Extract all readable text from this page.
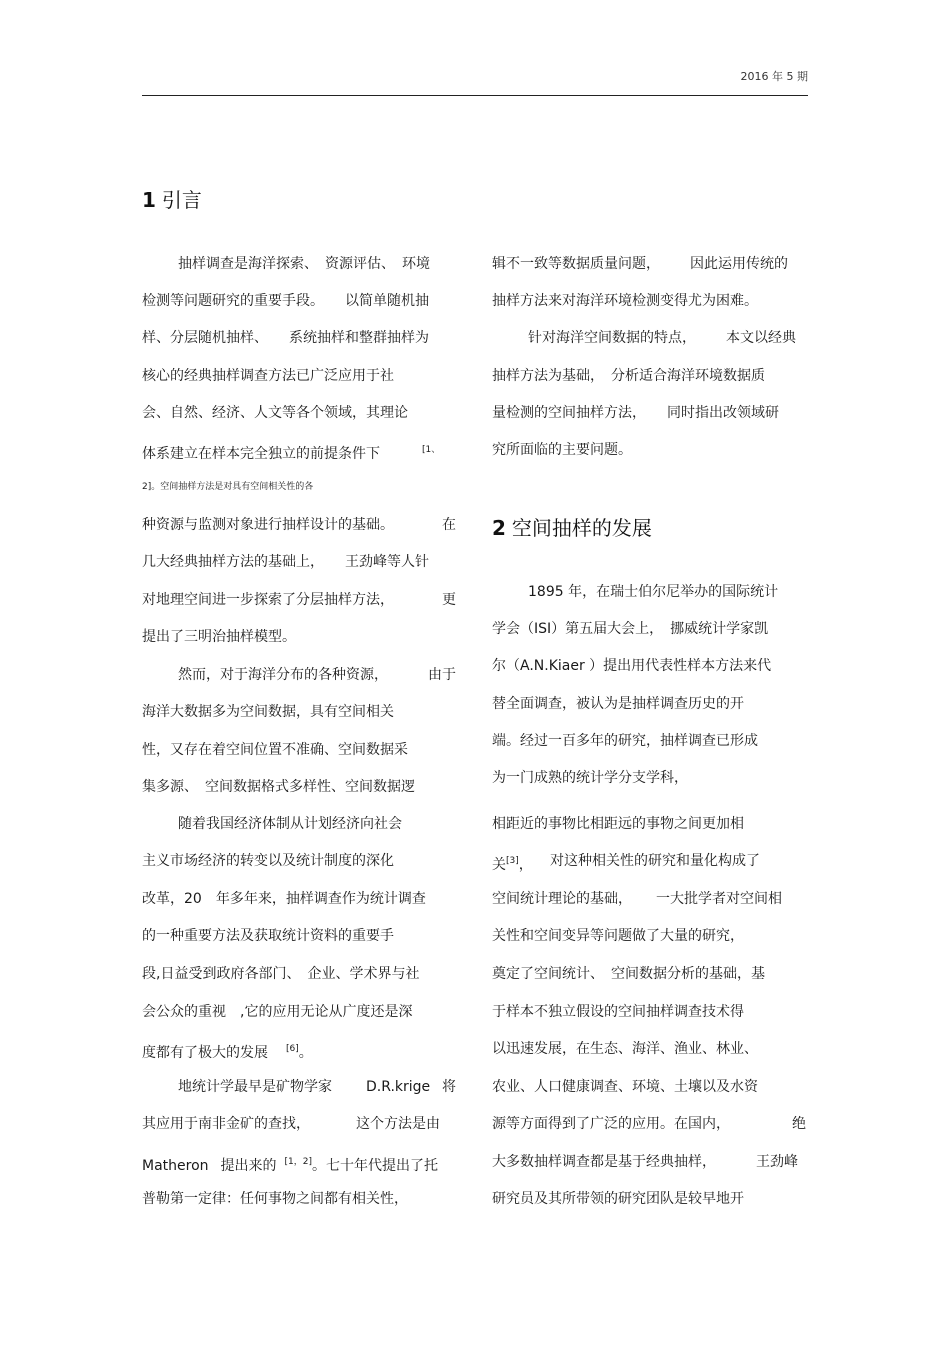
2016 年 5 期
1 引言
2 空间抽样的发展
抽样调查是海洋探索、　资源评估、　环境
检测等问题研究的重要手段。　　以简单随机抽
样、分层随机抽样、　　系统抽样和整群抽样为
核心的经典抽样调查方法已广泛应用于社
会、自然、经济、人文等各个领域，其理论
体系建立在样本完全独立的前提条件下	$^{[1、}$
$^{2]。空间抽样方法是对具有空间相关性的各}$
种资源与监测对象进行抽样设计的基础。	在
几大经典抽样方法的基础上，　　王劲峰等人针
对地理空间进一步探索了分层抽样方法，	更
提出了三明治抽样模型。
然而，对于海洋分布的各种资源，	由于
海洋大数据多为空间数据，具有空间相关
性，又存在着空间位置不准确、空间数据采
集多源、　空间数据格式多样性、空间数据逻
随着我国经济体制从计划经济向社会
主义市场经济的转变以及统计制度的深化
改革，20　年多年来，抽样调查作为统计调查
的一种重要方法及获取统计资料的重要手
段,日益受到政府各部门、　企业、学术界与社
会公众的重视　,它的应用无论从广度还是深
度都有了极大的发展 [6]。
地统计学最早是矿物学家 D.R.krige 将
其应用于南非金矿的查找，	这个方法是由
Matheron 提出来的 [1，2]。七十年代提出了托
普勒第一定律：任何事物之间都有相关性，
辑不一致等数据质量问题， 因此运用传统的
抽样方法来对海洋环境检测变得尤为困难。
针对海洋空间数据的特点， 本文以经典
抽样方法为基础，　分析适合海洋环境数据质
量检测的空间抽样方法，　　同时指出改领域研
究所面临的主要问题。
1895 年，在瑞士伯尔尼举办的国际统计
学会（ISI）第五届大会上，　挪威统计学家凯
尔（A.N.Kiaer ）提出用代表性样本方法来代
替全面调查，被认为是抽样调查历史的开
端。经过一百多年的研究，抽样调查已形成
为一门成熟的统计学分支学科，
相距近的事物比相距远的事物之间更加相
关[3]， 对这种相关性的研究和量化构成了
空间统计理论的基础， 一大批学者对空间相
关性和空间变异等问题做了大量的研究，
奠定了空间统计、　空间数据分析的基础，基
于样本不独立假设的空间抽样调查技术得
以迅速发展，在生态、海洋、渔业、林业、
农业、人口健康调查、环境、土壤以及水资
源等方面得到了广泛的应用。在国内，	绝
大多数抽样调查都是基于经典抽样，	王劲峰
研究员及其所带领的研究团队是较早地开
